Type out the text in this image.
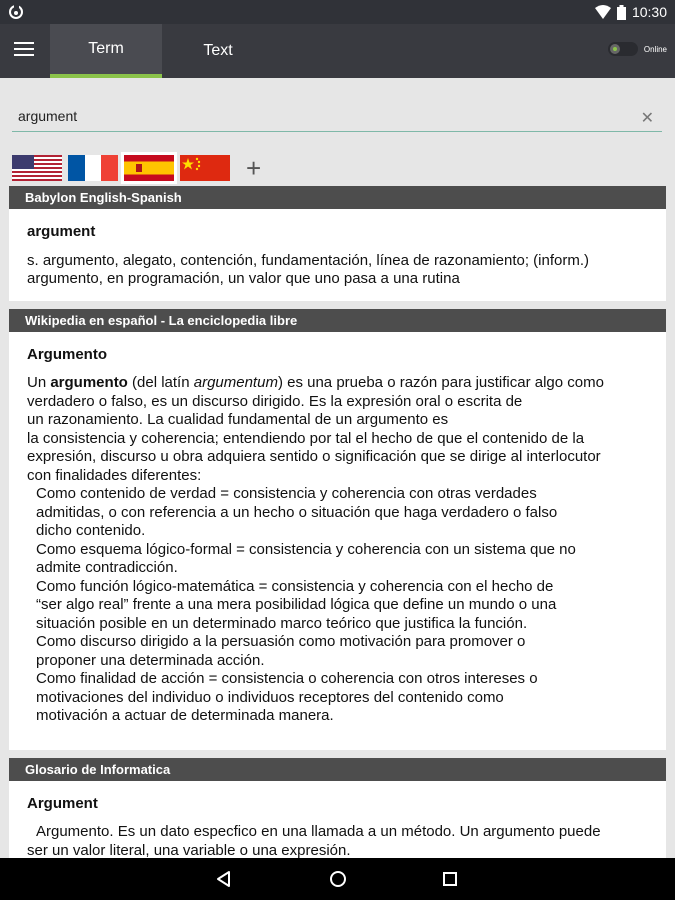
10:30
Term	Text	Online
argument
✕
+
Babylon English-Spanish
argument
s. argumento, alegato, contención, fundamentación, línea de razonamiento; (inform.)
argumento, en programación, un valor que uno pasa a una rutina
Wikipedia en español - La enciclopedia libre
Argumento
Un argumento (del latín argumentum) es una prueba o razón para justificar algo como
verdadero o falso, es un discurso dirigido. Es la expresión oral o escrita de
un razonamiento. La cualidad fundamental de un argumento es
la consistencia y coherencia; entendiendo por tal el hecho de que el contenido de la
expresión, discurso u obra adquiera sentido o significación que se dirige al interlocutor
con finalidades diferentes:
Como contenido de verdad = consistencia y coherencia con otras verdades
admitidas, o con referencia a un hecho o situación que haga verdadero o falso
dicho contenido.
Como esquema lógico-formal = consistencia y coherencia con un sistema que no
admite contradicción.
Como función lógico-matemática = consistencia y coherencia con el hecho de
“ser algo real” frente a una mera posibilidad lógica que define un mundo o una
situación posible en un determinado marco teórico que justifica la función.
Como discurso dirigido a la persuasión como motivación para promover o
proponer una determinada acción.
Como finalidad de acción = consistencia o coherencia con otros intereses o
motivaciones del individuo o individuos receptores del contenido como
motivación a actuar de determinada manera.
Glosario de Informatica
Argument
Argumento. Es un dato especfico en una llamada a un método. Un argumento puede
ser un valor literal, una variable o una expresión.
